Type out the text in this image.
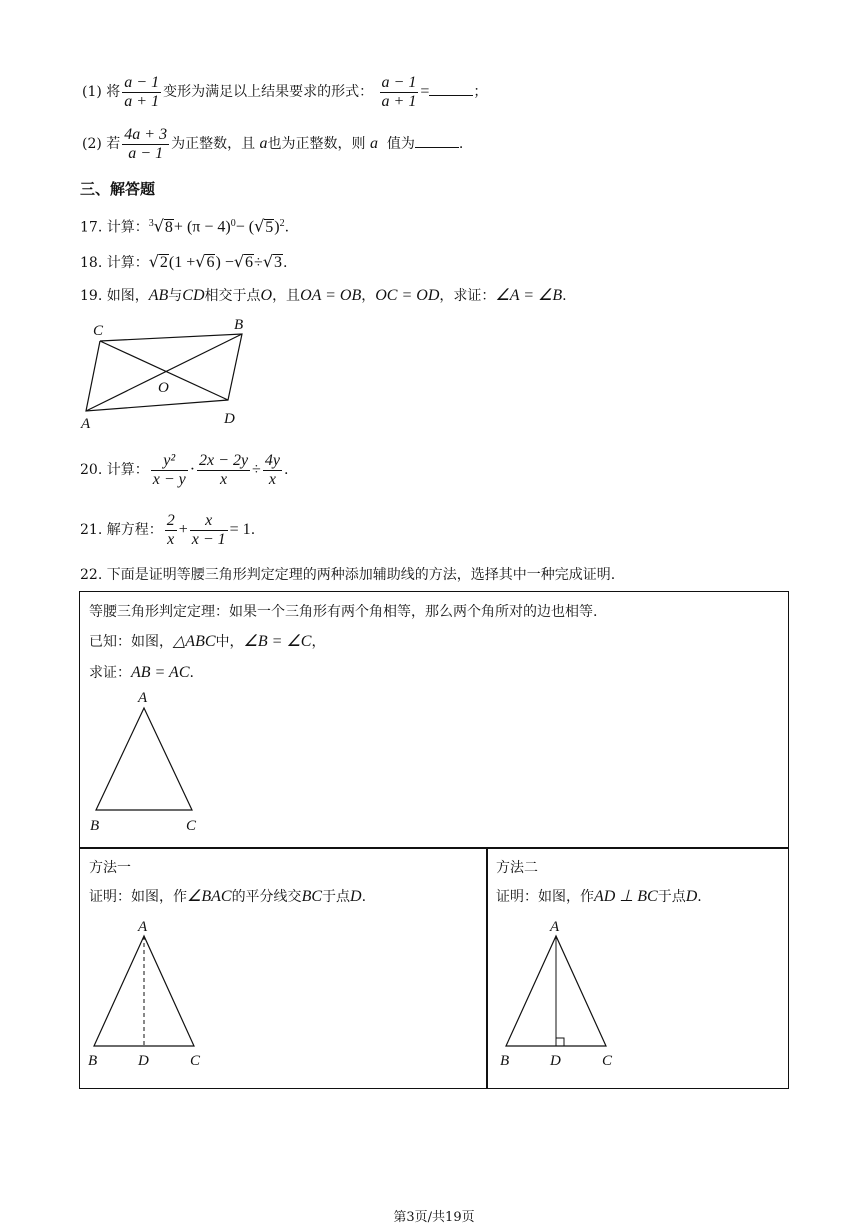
(1) 将 $\frac{a - 1}{a + 1}$ 变形为满足以上结果要求的形式： $\frac{a - 1}{a + 1}$ =	；
(2) 若 $\frac{4a + 3}{a - 1}$ 为正整数，且 a也为正整数，则 a 值为	.
三、解答题
17. 计算：$^3√8+ (\pi - 4)^0- (√5)^2$.
18. 计算：√2(1 +√6) −√6÷√3.
19. 如图，AB与CD相交于点O，且OA = OB，OC = OD，求证：∠A = ∠B.
C	B
O
A	D
20. 计算： $\frac{\text{y²}}{x - y} \cdot \frac{2x - 2y}{x} \div \frac{4y}{x}$ .
21. 解方程： $\frac{2}{x} + \frac{x}{x - 1} = 1$.
22. 下面是证明等腰三角形判定定理的两种添加辅助线的方法，选择其中一种完成证明.
等腰三角形判定定理：如果一个三角形有两个角相等，那么两个角所对的边也相等.
已知：如图，△ABC中，∠B = ∠C，
求证：AB = AC.
A
B	C
方法一
证明：如图，作∠BAC的平分线交BC于点D.
A
B	D	C
方法二
证明：如图，作AD ⊥ BC于点D.
A
B	D	C
第3页/共19页
